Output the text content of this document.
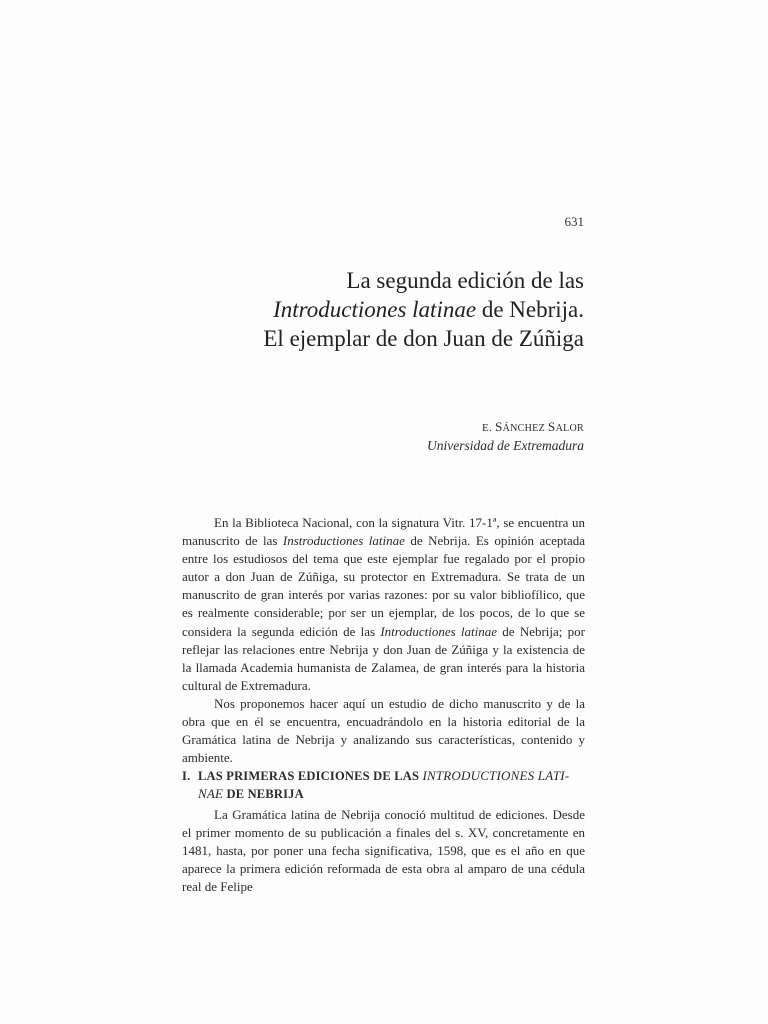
631
La segunda edición de las
Introductiones latinae de Nebrija.
El ejemplar de don Juan de Zúñiga
E. SÁNCHEZ SALOR
Universidad de Extremadura

En la Biblioteca Nacional, con la signatura Vitr. 17-1ª, se encuentra un manuscrito de las Instroductiones latinae de Nebrija. Es opinión aceptada entre los estudiosos del tema que este ejemplar fue regalado por el propio autor a don Juan de Zúñiga, su protector en Extremadura. Se trata de un manuscrito de gran interés por varias razones: por su valor bibliofílico, que es realmente considerable; por ser un ejemplar, de los pocos, de lo que se considera la segunda edición de las Introductiones latinae de Nebrija; por reflejar las relaciones entre Nebrija y don Juan de Zúñiga y la existencia de la llamada Academia humanista de Zalamea, de gran interés para la historia cultural de Extremadura.

Nos proponemos hacer aquí un estudio de dicho manuscrito y de la obra que en él se encuentra, encuadrándolo en la historia editorial de la Gramática latina de Nebrija y analizando sus características, contenido y ambiente.

I. LAS PRIMERAS EDICIONES DE LAS INTRODUCTIONES LATI-
NAE DE NEBRIJA

La Gramática latina de Nebrija conoció multitud de ediciones. Desde el primer momento de su publicación a finales del s. XV, concretamente en 1481, hasta, por poner una fecha significativa, 1598, que es el año en que aparece la primera edición reformada de esta obra al amparo de una cédula real de Felipe
